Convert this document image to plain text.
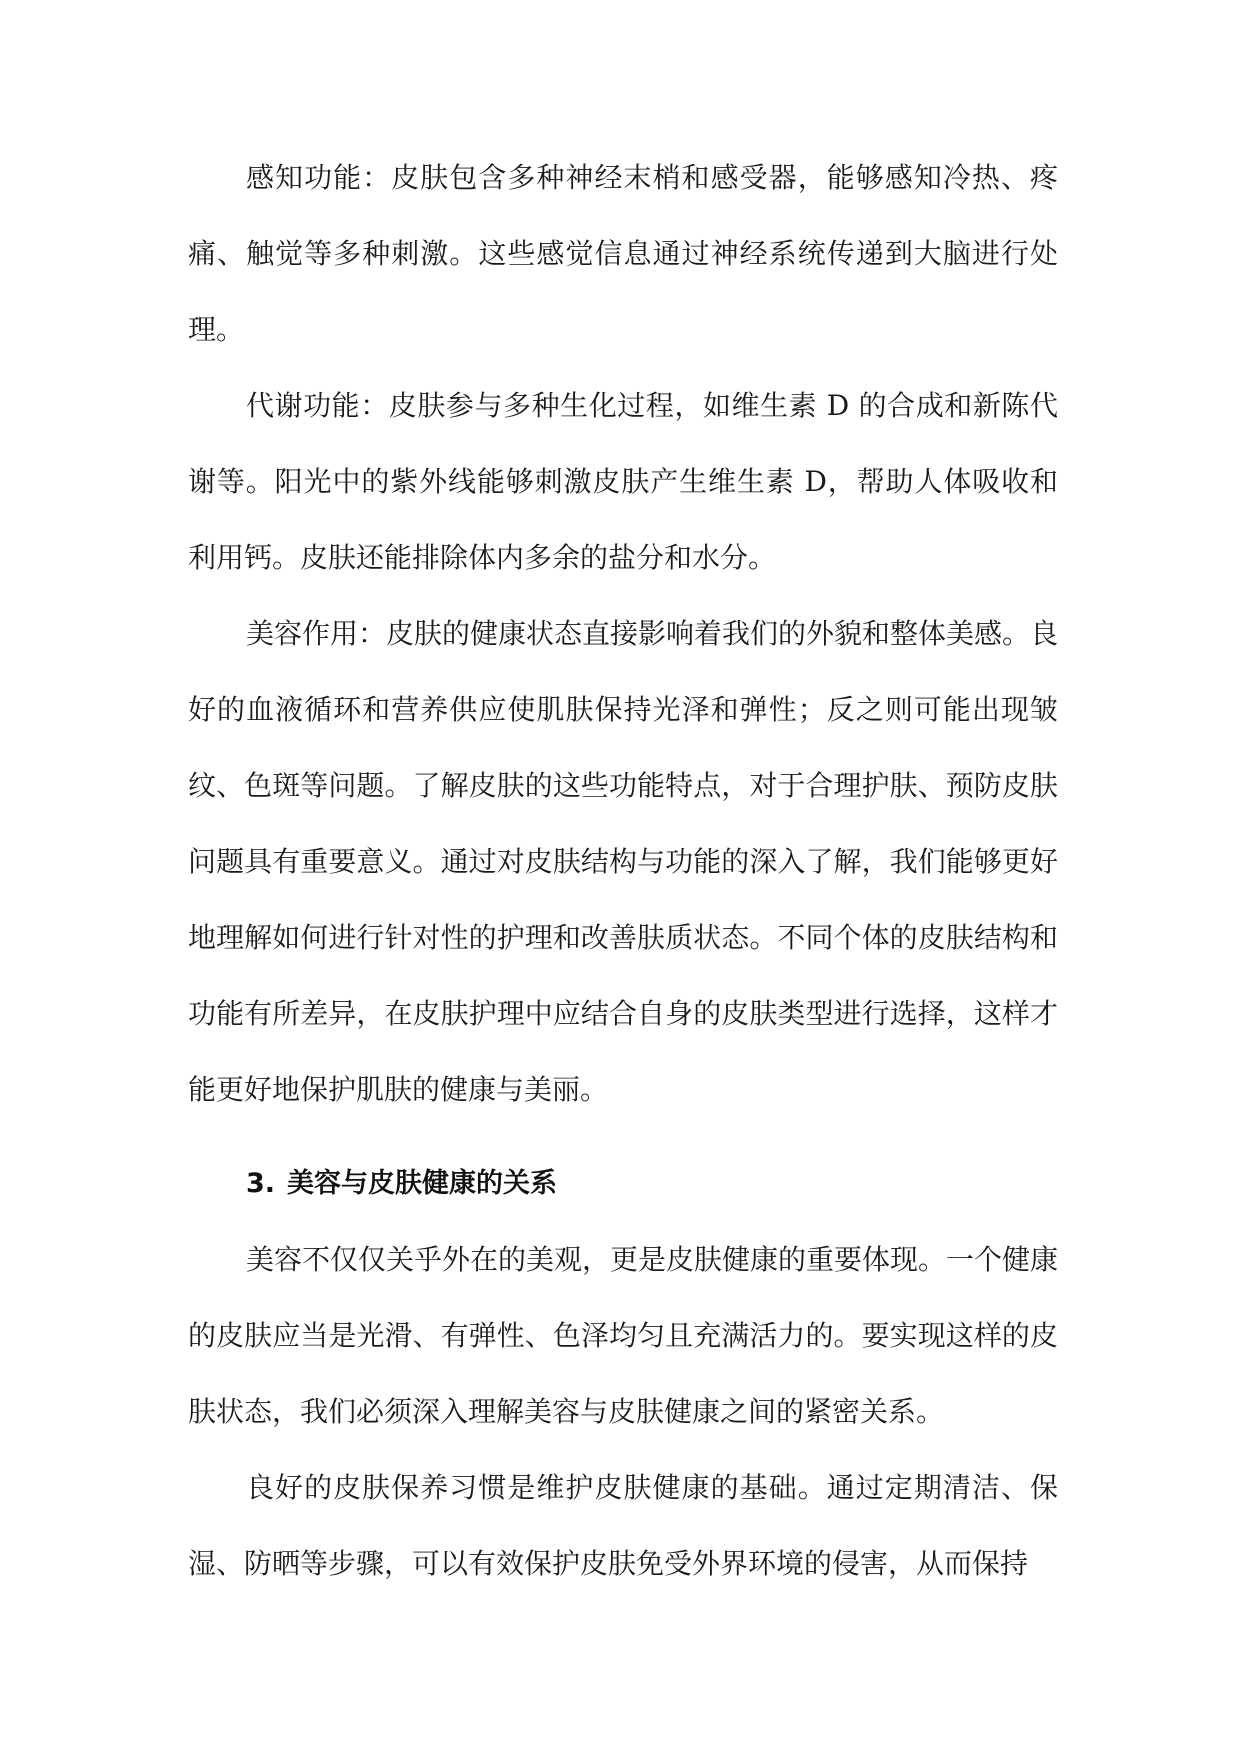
感知功能：皮肤包含多种神经末梢和感受器，能够感知冷热、疼痛、触觉等多种刺激。这些感觉信息通过神经系统传递到大脑进行处理。

代谢功能：皮肤参与多种生化过程，如维生素 D 的合成和新陈代谢等。阳光中的紫外线能够刺激皮肤产生维生素 D，帮助人体吸收和利用钙。皮肤还能排除体内多余的盐分和水分。

美容作用：皮肤的健康状态直接影响着我们的外貌和整体美感。良好的血液循环和营养供应使肌肤保持光泽和弹性；反之则可能出现皱纹、色斑等问题。了解皮肤的这些功能特点，对于合理护肤、预防皮肤问题具有重要意义。通过对皮肤结构与功能的深入了解，我们能够更好地理解如何进行针对性的护理和改善肤质状态。不同个体的皮肤结构和功能有所差异，在皮肤护理中应结合自身的皮肤类型进行选择，这样才能更好地保护肌肤的健康与美丽。

3. 美容与皮肤健康的关系

美容不仅仅关乎外在的美观，更是皮肤健康的重要体现。一个健康的皮肤应当是光滑、有弹性、色泽均匀且充满活力的。要实现这样的皮肤状态，我们必须深入理解美容与皮肤健康之间的紧密关系。

良好的皮肤保养习惯是维护皮肤健康的基础。通过定期清洁、保湿、防晒等步骤，可以有效保护皮肤免受外界环境的侵害，从而保持
